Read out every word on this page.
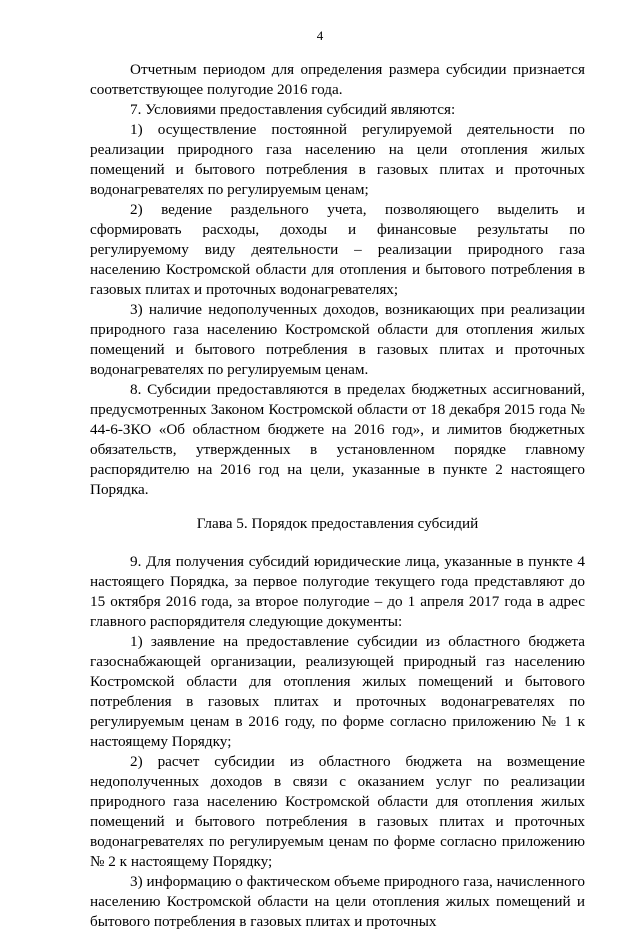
4

Отчетным периодом для определения размера субсидии признается соответствующее полугодие 2016 года.

7. Условиями предоставления субсидий являются:

1) осуществление постоянной регулируемой деятельности по реализации природного газа населению на цели отопления жилых помещений и бытового потребления в газовых плитах и проточных водонагревателях по регулируемым ценам;

2) ведение раздельного учета, позволяющего выделить и сформировать расходы, доходы и финансовые результаты по регулируемому виду деятельности – реализации природного газа населению Костромской области для отопления и бытового потребления в газовых плитах и проточных водонагревателях;

3) наличие недополученных доходов, возникающих при реализации природного газа населению Костромской области для отопления жилых помещений и бытового потребления в газовых плитах и проточных водонагревателях по регулируемым ценам.

8. Субсидии предоставляются в пределах бюджетных ассигнований, предусмотренных Законом Костромской области от 18 декабря 2015 года № 44-6-ЗКО «Об областном бюджете на 2016 год», и лимитов бюджетных обязательств, утвержденных в установленном порядке главному распорядителю на 2016 год на цели, указанные в пункте 2 настоящего Порядка.

Глава 5. Порядок предоставления субсидий

9. Для получения субсидий юридические лица, указанные в пункте 4 настоящего Порядка, за первое полугодие текущего года представляют до 15 октября 2016 года, за второе полугодие – до 1 апреля 2017 года в адрес главного распорядителя следующие документы:

1) заявление на предоставление субсидии из областного бюджета газоснабжающей организации, реализующей природный газ населению Костромской области для отопления жилых помещений и бытового потребления в газовых плитах и проточных водонагревателях по регулируемым ценам в 2016 году, по форме согласно приложению № 1 к настоящему Порядку;

2) расчет субсидии из областного бюджета на возмещение недополученных доходов в связи с оказанием услуг по реализации природного газа населению Костромской области для отопления жилых помещений и бытового потребления в газовых плитах и проточных водонагревателях по регулируемым ценам по форме согласно приложению № 2 к настоящему Порядку;

3) информацию о фактическом объеме природного газа, начисленного населению Костромской области на цели отопления жилых помещений и бытового потребления в газовых плитах и проточных
